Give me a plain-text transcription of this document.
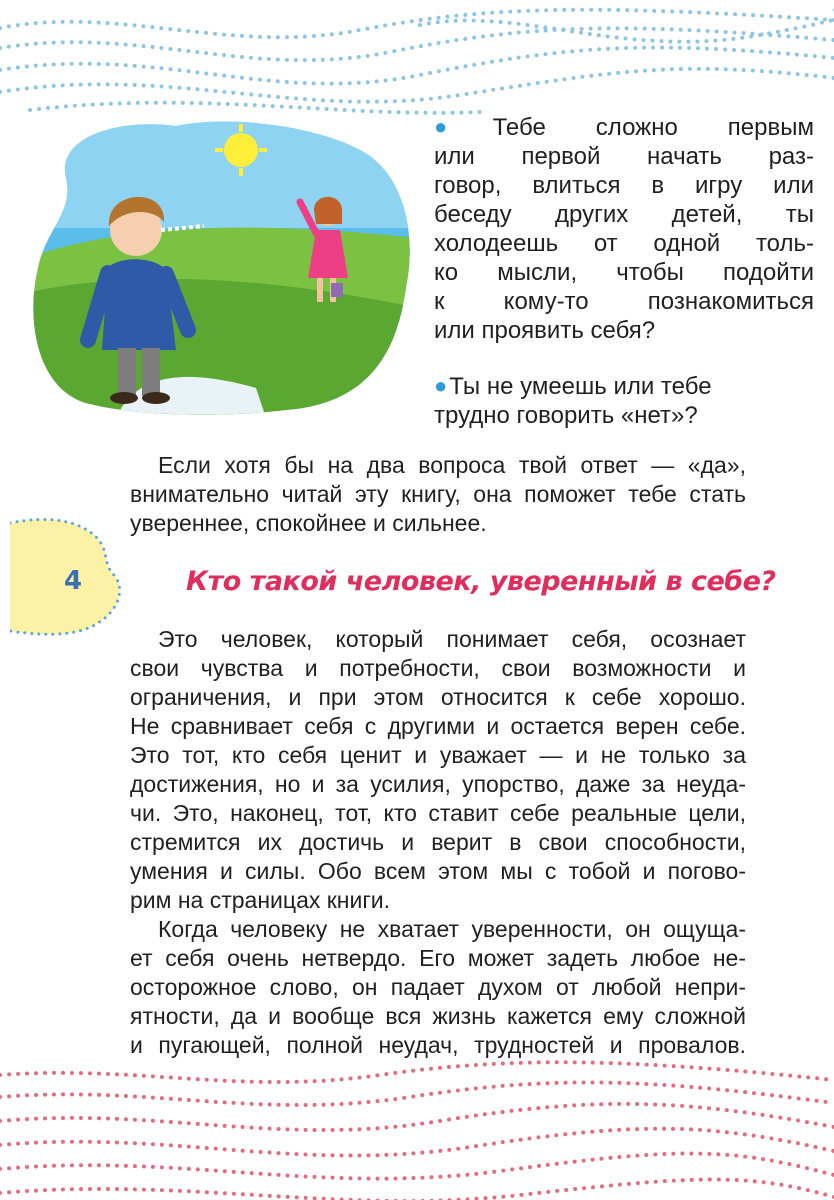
●Тебе сложно первым
или первой начать раз-
говор, влиться в игру или
беседу других детей, ты
холодеешь от одной толь-
ко мысли, чтобы подойти
к кому-то познакомиться
или проявить себя?
●Ты не умеешь или тебе
трудно говорить «нет»?
Если хотя бы на два вопроса твой ответ — «да»,
внимательно читай эту книгу, она поможет тебе стать
увереннее, спокойнее и сильнее.
4	Кто такой человек, уверенный в себе?
Это человек, который понимает себя, осознает
свои чувства и потребности, свои возможности и
ограничения, и при этом относится к себе хорошо.
Не сравнивает себя с другими и остается верен себе.
Это тот, кто себя ценит и уважает — и не только за
достижения, но и за усилия, упорство, даже за неуда-
чи. Это, наконец, тот, кто ставит себе реальные цели,
стремится их достичь и верит в свои способности,
умения и силы. Обо всем этом мы с тобой и погово-
рим на страницах книги.
Когда человеку не хватает уверенности, он ощуща-
ет себя очень нетвердо. Его может задеть любое не-
осторожное слово, он падает духом от любой непри-
ятности, да и вообще вся жизнь кажется ему сложной
и пугающей, полной неудач, трудностей и провалов.
